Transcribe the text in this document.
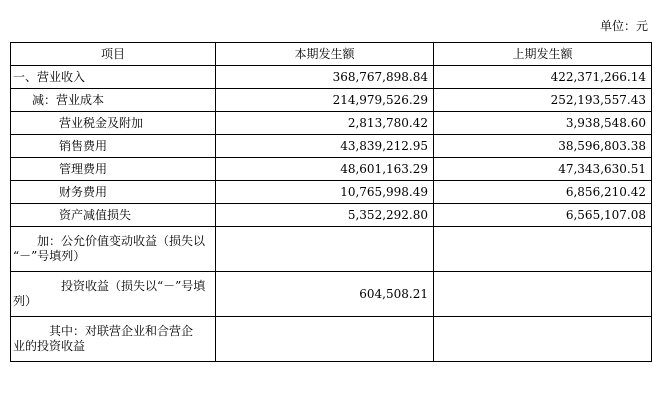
单位：元
项目	本期发生额	上期发生额
一、营业收入	368,767,898.84	422,371,266.14
减：营业成本	214,979,526.29	252,193,557.43
营业税金及附加	2,813,780.42	3,938,548.60
销售费用	43,839,212.95	38,596,803.38
管理费用	48,601,163.29	47,343,630.51
财务费用	10,765,998.49	6,856,210.42
资产减值损失	5,352,292.80	6,565,107.08

加：公允价值变动收益（损失以
“－”号填列）		

投资收益（损失以“－”号填
列）	604,508.21	

其中：对联营企业和合营企
业的投资收益		
